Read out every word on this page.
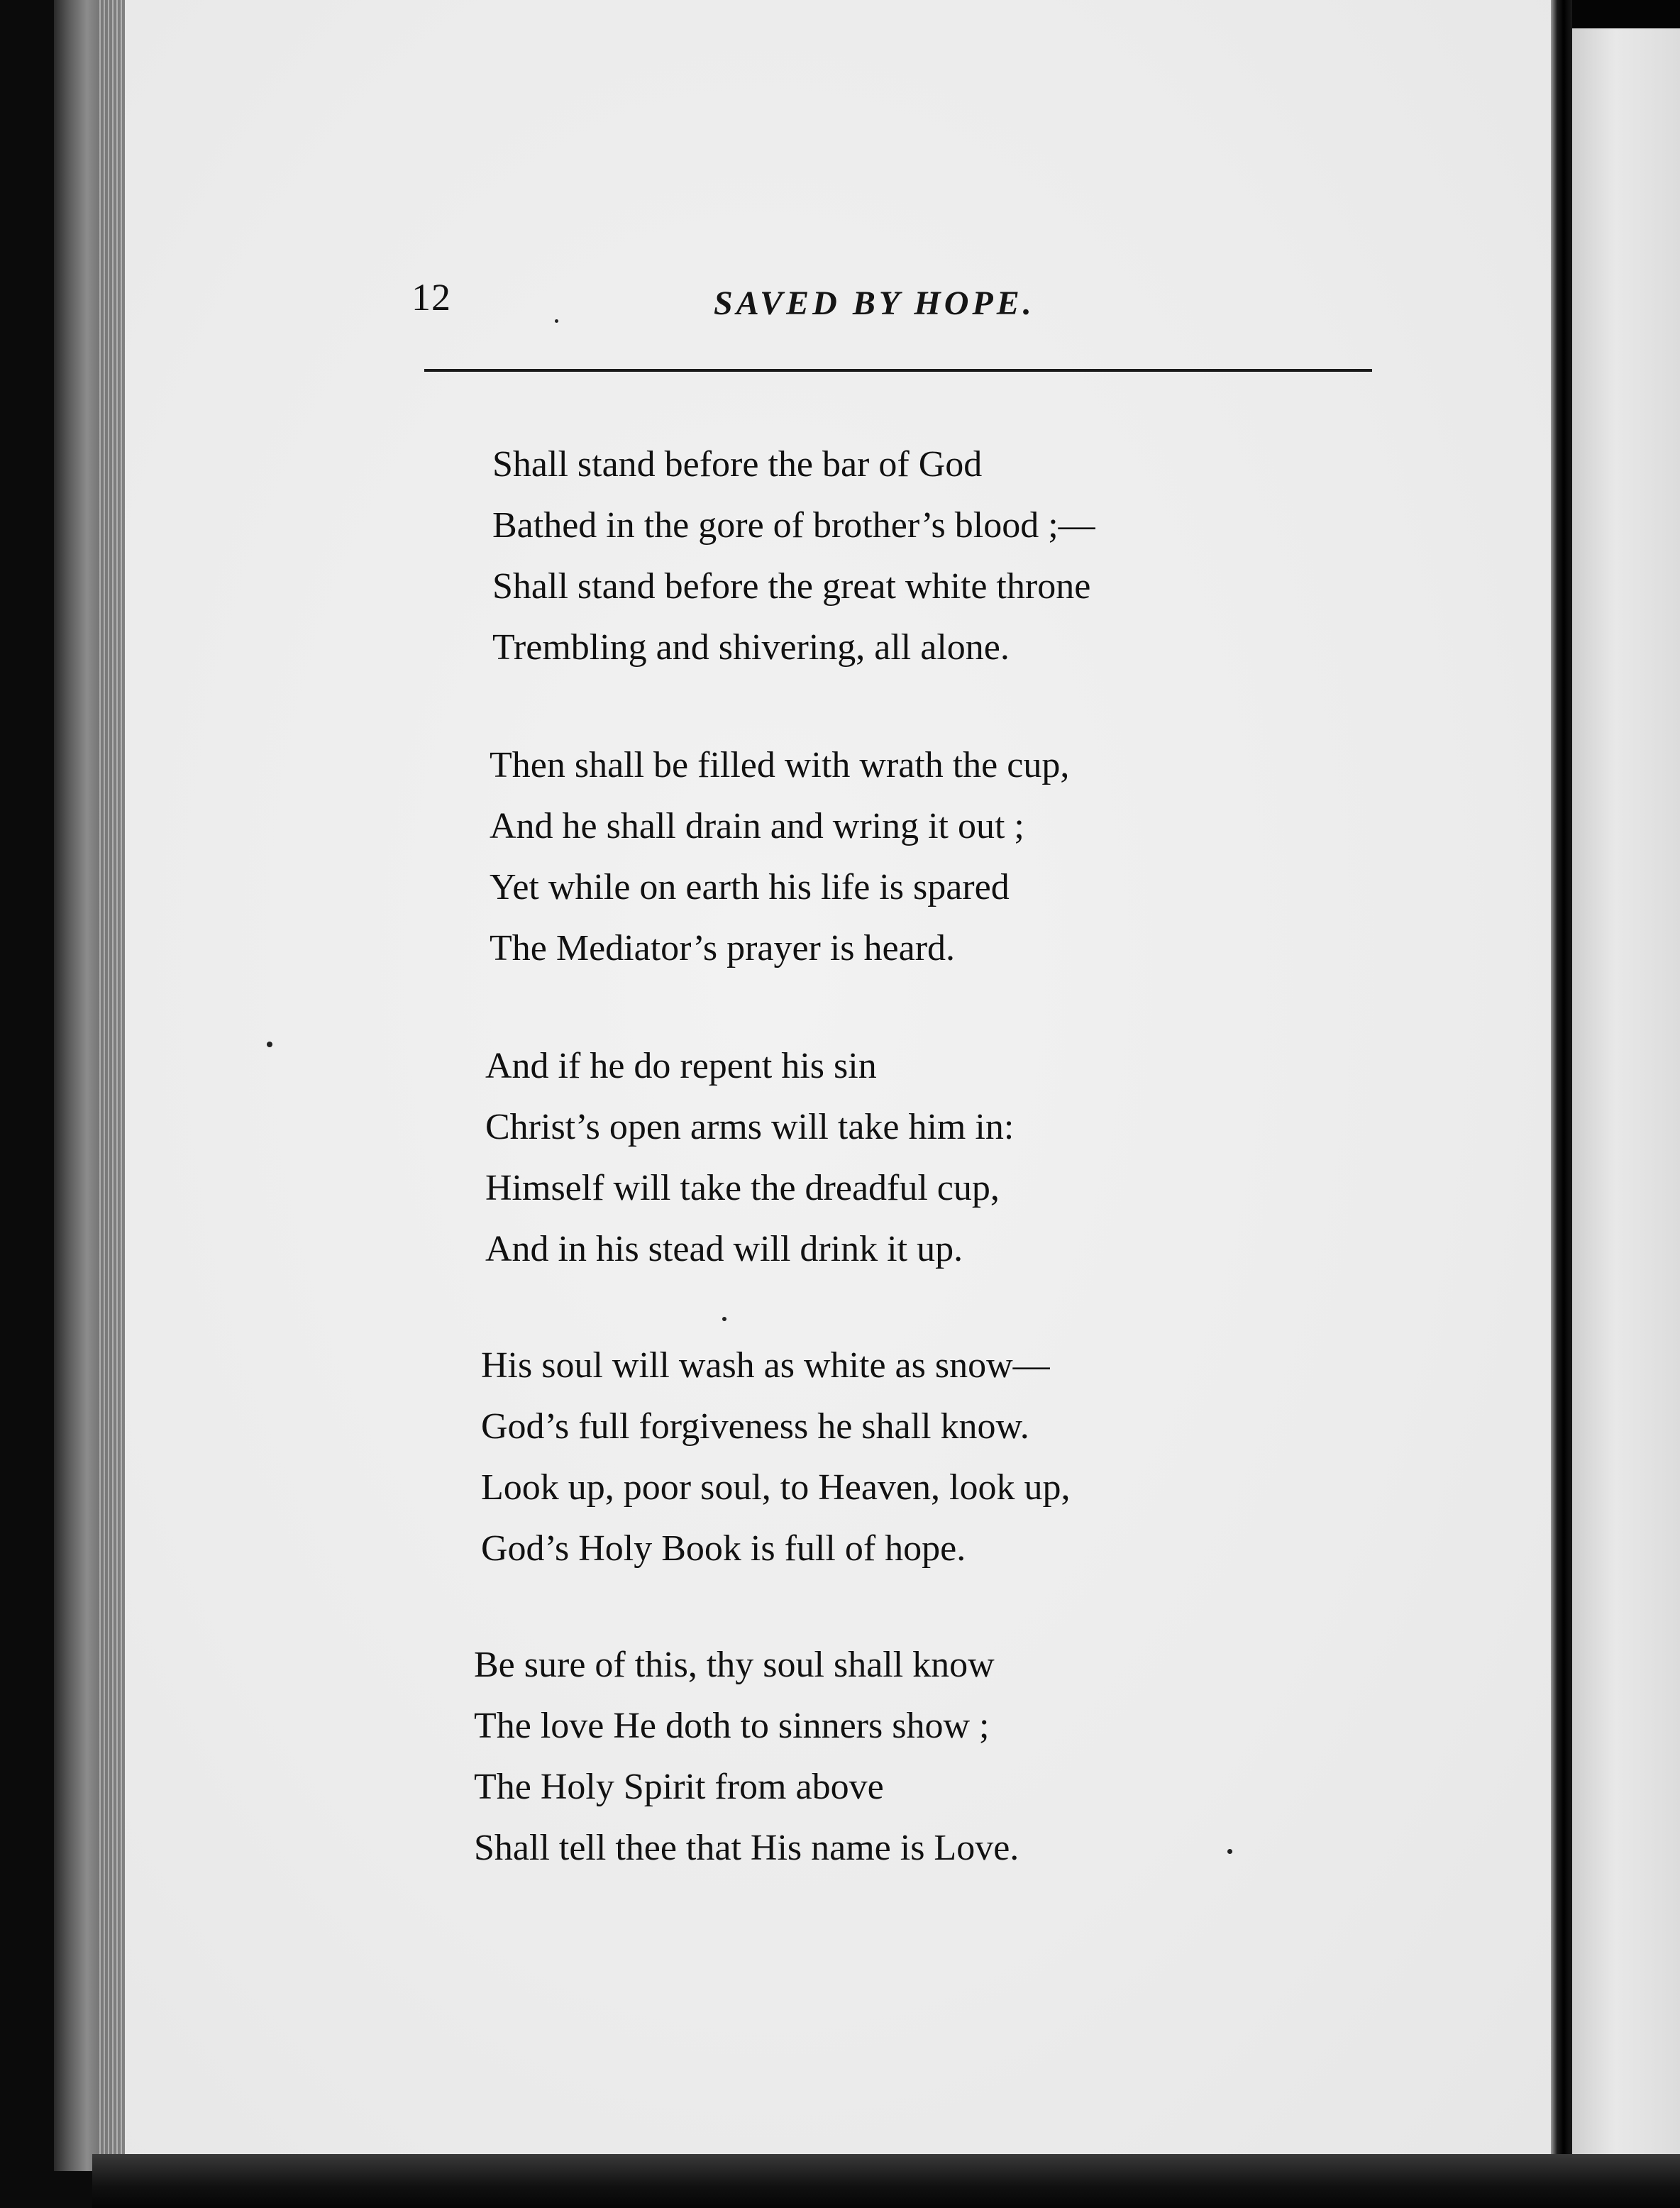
12	SAVED BY HOPE.
Shall stand before the bar of God
Bathed in the gore of brother’s blood ;—
Shall stand before the great white throne
Trembling and shivering, all alone.
Then shall be filled with wrath the cup,
And he shall drain and wring it out ;
Yet while on earth his life is spared
The Mediator’s prayer is heard.
And if he do repent his sin
Christ’s open arms will take him in:
Himself will take the dreadful cup,
And in his stead will drink it up.
His soul will wash as white as snow—
God’s full forgiveness he shall know.
Look up, poor soul, to Heaven, look up,
God’s Holy Book is full of hope.
Be sure of this, thy soul shall know
The love He doth to sinners show ;
The Holy Spirit from above
Shall tell thee that His name is Love.
